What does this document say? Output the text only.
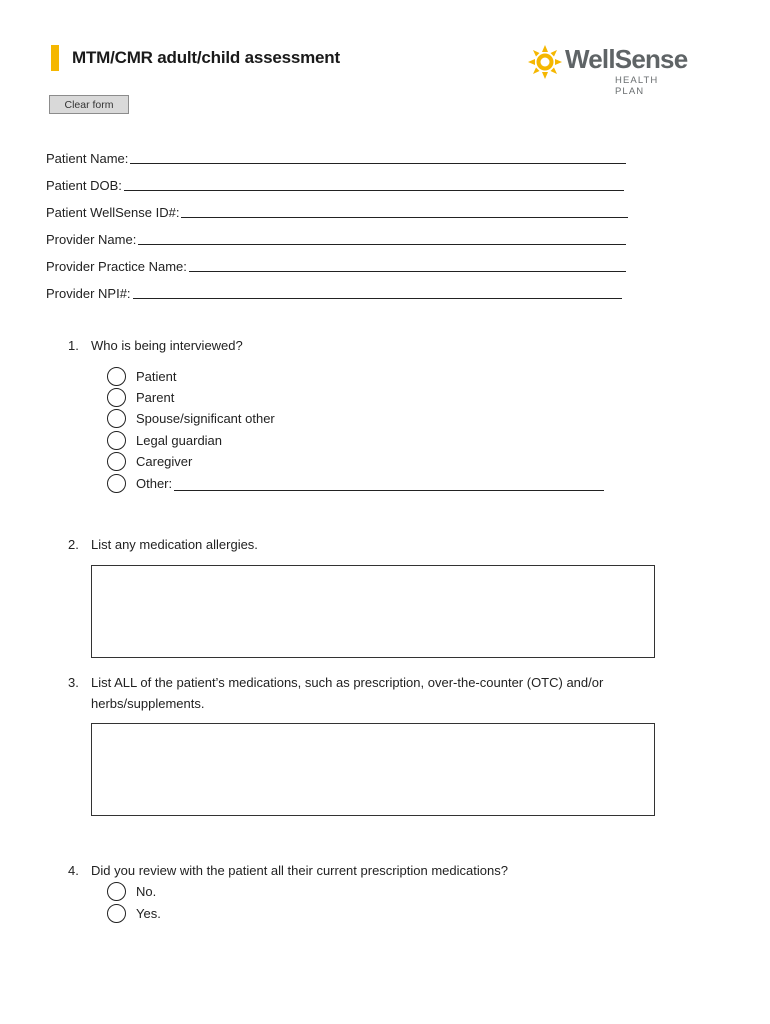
MTM/CMR adult/child assessment	WellSense
HEALTH PLAN
Clear form
Patient Name:
Patient DOB:
Patient WellSense ID#:
Provider Name:
Provider Practice Name:
Provider NPI#:
1. Who is being interviewed?
Patient
Parent
Spouse/significant other
Legal guardian
Caregiver
Other:
2. List any medication allergies.
3. List ALL of the patient’s medications, such as prescription, over-the-counter (OTC) and/or
herbs/supplements.
4. Did you review with the patient all their current prescription medications?
No.
Yes.
